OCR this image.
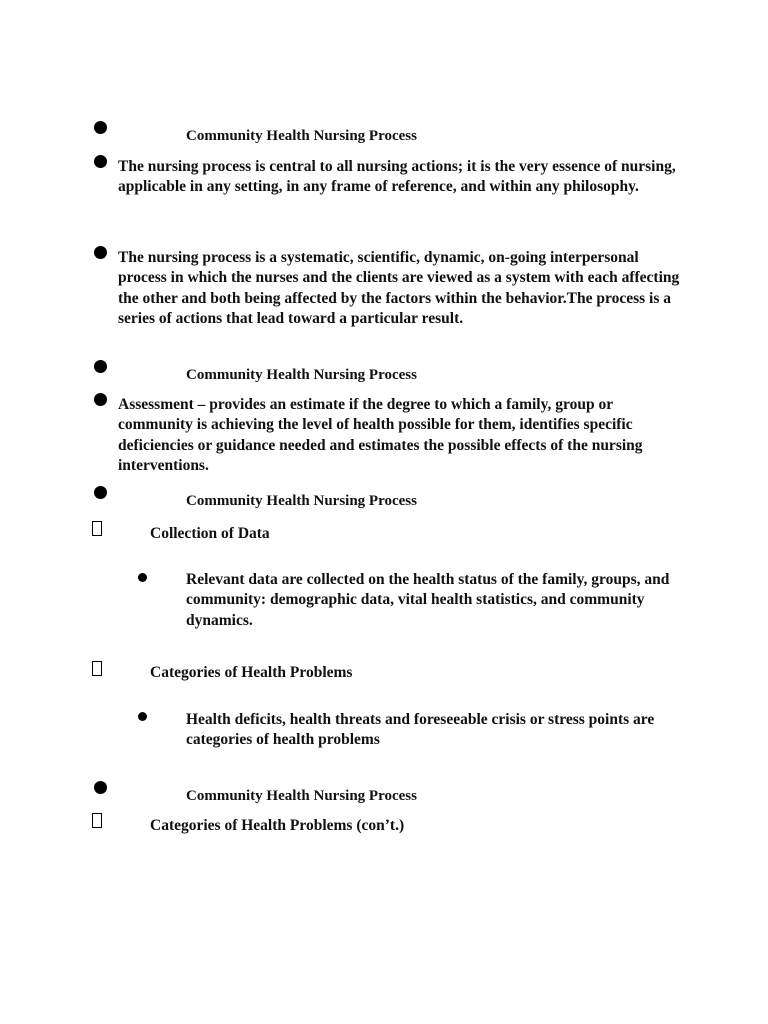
Community Health Nursing Process
The nursing process is central to all nursing actions; it is the very essence of nursing, applicable in any setting, in any frame of reference, and within any philosophy.
The nursing process is a systematic, scientific, dynamic, on-going interpersonal process in which the nurses and the clients are viewed as a system with each affecting the other and both being affected by the factors within the behavior.The process is a series of actions that lead toward a particular result.
Community Health Nursing Process
Assessment – provides an estimate if the degree to which a family, group or community is achieving the level of health possible for them, identifies specific deficiencies or guidance needed and estimates the possible effects of the nursing interventions.
Community Health Nursing Process
Collection of Data
Relevant data are collected on the health status of the family, groups, and community: demographic data, vital health statistics, and community dynamics.
Categories of Health Problems
Health deficits, health threats and foreseeable crisis or stress points are categories of health problems
Community Health Nursing Process
Categories of Health Problems (con’t.)
